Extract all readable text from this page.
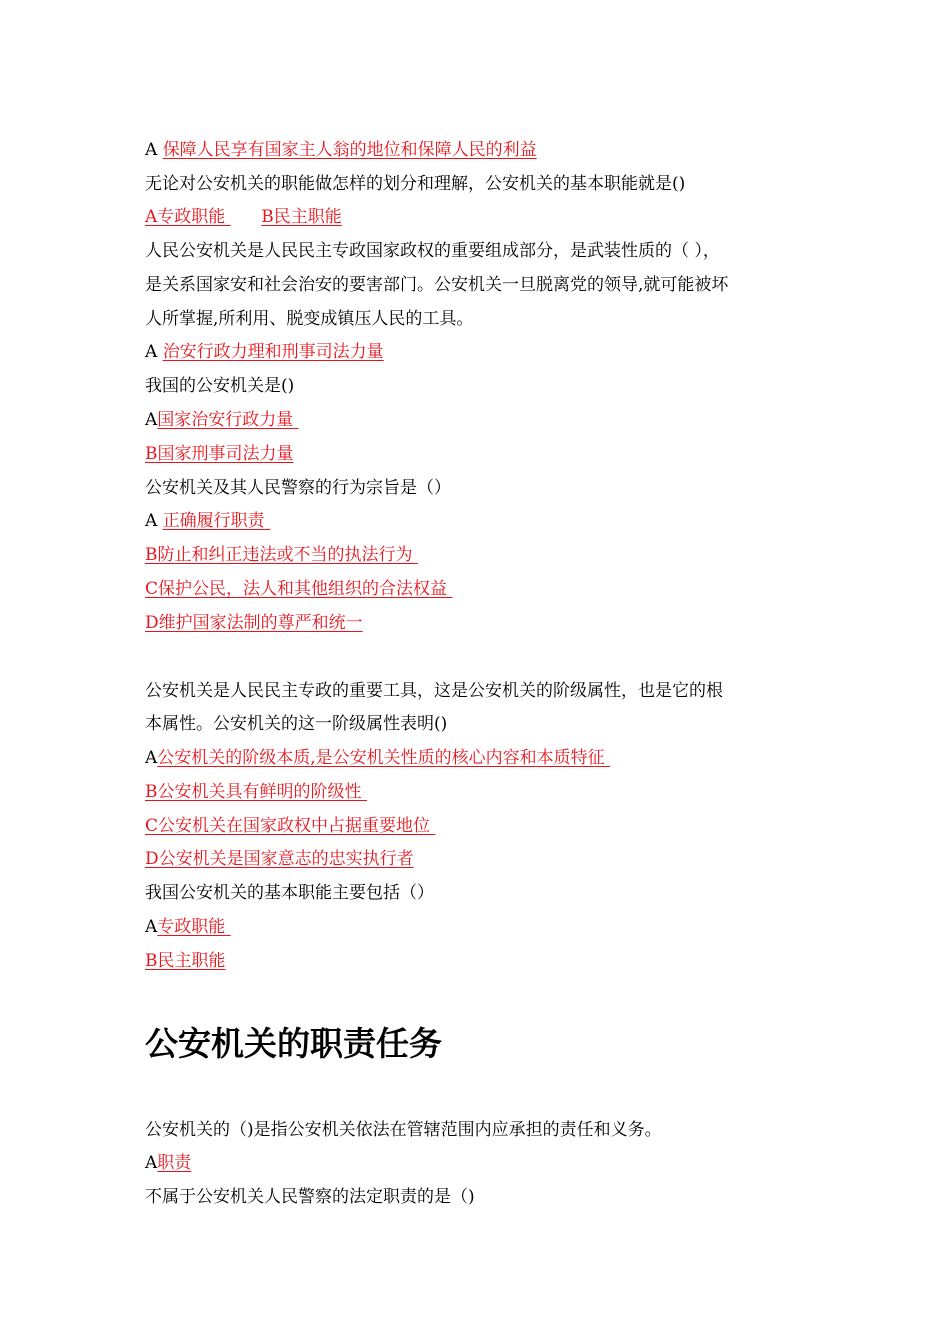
A 保障人民享有国家主人翁的地位和保障人民的利益
无论对公安机关的职能做怎样的划分和理解，公安机关的基本职能就是()
A专政职能 B民主职能
人民公安机关是人民民主专政国家政权的重要组成部分，是武装性质的（ ），
是关系国家安和社会治安的要害部门。公安机关一旦脱离党的领导,就可能被坏
人所掌握,所利用、脱变成镇压人民的工具。
A 治安行政力理和刑事司法力量
我国的公安机关是()
A国家治安行政力量
B国家刑事司法力量
公安机关及其人民警察的行为宗旨是（）
A 正确履行职责
B防止和纠正违法或不当的执法行为
C保护公民，法人和其他组织的合法权益
D维护国家法制的尊严和统一
公安机关是人民民主专政的重要工具，这是公安机关的阶级属性，也是它的根
本属性。公安机关的这一阶级属性表明()
A公安机关的阶级本质,是公安机关性质的核心内容和本质特征
B公安机关具有鲜明的阶级性
C公安机关在国家政权中占据重要地位
D公安机关是国家意志的忠实执行者
我国公安机关的基本职能主要包括（）
A专政职能
B民主职能
公安机关的职责任务
公安机关的（)是指公安机关依法在管辖范围内应承担的责任和义务。
A职责
不属于公安机关人民警察的法定职责的是（)
